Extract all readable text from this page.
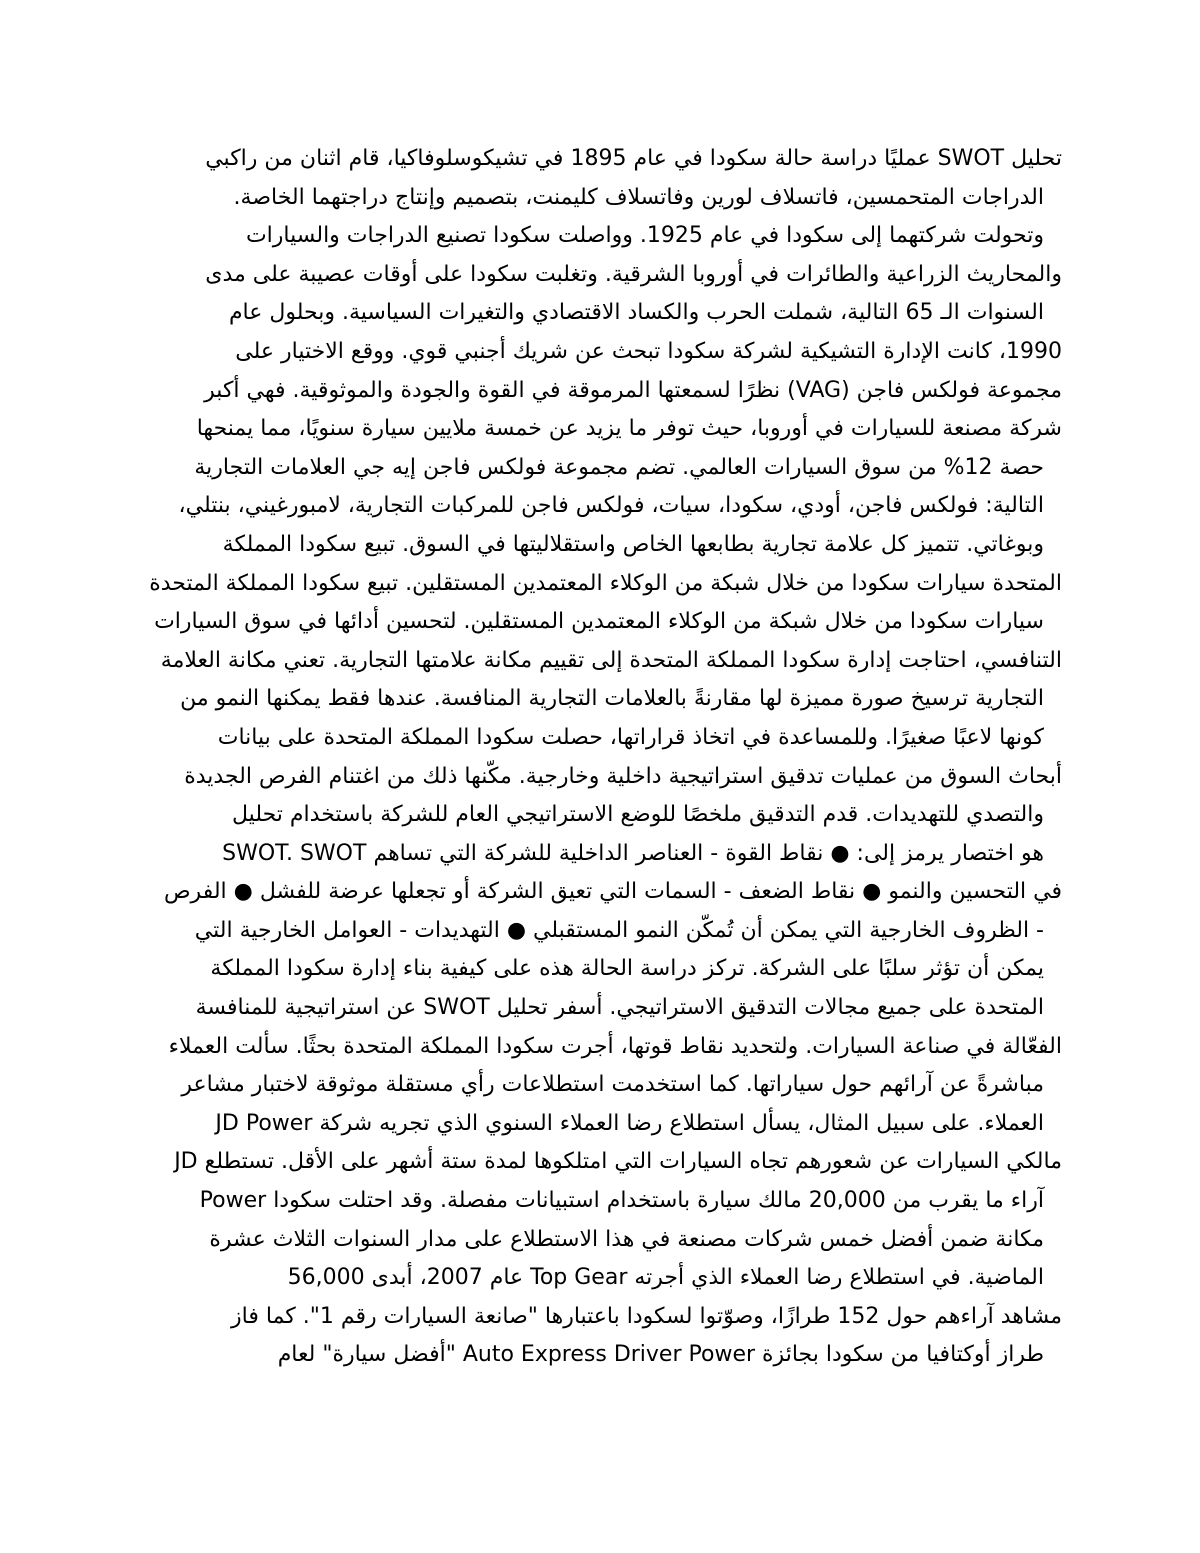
تحليل SWOT عمليًا دراسة حالة سكودا في عام 1895 في تشيكوسلوفاكيا، قام اثنان من راكبي
الدراجات المتحمسين، فاتسلاف لورين وفاتسلاف كليمنت، بتصميم وإنتاج دراجتهما الخاصة.
وتحولت شركتهما إلى سكودا في عام 1925. وواصلت سكودا تصنيع الدراجات والسيارات
والمحاريث الزراعية والطائرات في أوروبا الشرقية. وتغلبت سكودا على أوقات عصيبة على مدى
السنوات الـ 65 التالية، شملت الحرب والكساد الاقتصادي والتغيرات السياسية. وبحلول عام
1990، كانت الإدارة التشيكية لشركة سكودا تبحث عن شريك أجنبي قوي. ووقع الاختيار على
مجموعة فولكس فاجن (VAG) نظرًا لسمعتها المرموقة في القوة والجودة والموثوقية. فهي أكبر
شركة مصنعة للسيارات في أوروبا، حيث توفر ما يزيد عن خمسة ملايين سيارة سنويًا، مما يمنحها
حصة 12% من سوق السيارات العالمي. تضم مجموعة فولكس فاجن إيه جي العلامات التجارية
التالية: فولكس فاجن، أودي، سكودا، سيات، فولكس فاجن للمركبات التجارية، لامبورغيني، بنتلي،
وبوغاتي. تتميز كل علامة تجارية بطابعها الخاص واستقلاليتها في السوق. تبيع سكودا المملكة
المتحدة سيارات سكودا من خلال شبكة من الوكلاء المعتمدين المستقلين. تبيع سكودا المملكة المتحدة
سيارات سكودا من خلال شبكة من الوكلاء المعتمدين المستقلين. لتحسين أدائها في سوق السيارات
التنافسي، احتاجت إدارة سكودا المملكة المتحدة إلى تقييم مكانة علامتها التجارية. تعني مكانة العلامة
التجارية ترسيخ صورة مميزة لها مقارنةً بالعلامات التجارية المنافسة. عندها فقط يمكنها النمو من
كونها لاعبًا صغيرًا. وللمساعدة في اتخاذ قراراتها، حصلت سكودا المملكة المتحدة على بيانات
أبحاث السوق من عمليات تدقيق استراتيجية داخلية وخارجية. مكّنها ذلك من اغتنام الفرص الجديدة
والتصدي للتهديدات. قدم التدقيق ملخصًا للوضع الاستراتيجي العام للشركة باستخدام تحليل
SWOT. SWOT هو اختصار يرمز إلى: ● نقاط القوة - العناصر الداخلية للشركة التي تساهم
في التحسين والنمو ● نقاط الضعف - السمات التي تعيق الشركة أو تجعلها عرضة للفشل ● الفرص
- الظروف الخارجية التي يمكن أن تُمكّن النمو المستقبلي ● التهديدات - العوامل الخارجية التي
يمكن أن تؤثر سلبًا على الشركة. تركز دراسة الحالة هذه على كيفية بناء إدارة سكودا المملكة
المتحدة على جميع مجالات التدقيق الاستراتيجي. أسفر تحليل SWOT عن استراتيجية للمنافسة
الفعّالة في صناعة السيارات. ولتحديد نقاط قوتها، أجرت سكودا المملكة المتحدة بحثًا. سألت العملاء
مباشرةً عن آرائهم حول سياراتها. كما استخدمت استطلاعات رأي مستقلة موثوقة لاختبار مشاعر
العملاء. على سبيل المثال، يسأل استطلاع رضا العملاء السنوي الذي تجريه شركة JD Power
JD مالكي السيارات عن شعورهم تجاه السيارات التي امتلكوها لمدة ستة أشهر على الأقل. تستطلع
Power آراء ما يقرب من 20,000 مالك سيارة باستخدام استبيانات مفصلة. وقد احتلت سكودا
مكانة ضمن أفضل خمس شركات مصنعة في هذا الاستطلاع على مدار السنوات الثلاث عشرة
الماضية. في استطلاع رضا العملاء الذي أجرته Top Gear عام 2007، أبدى 56,000
مشاهد آراءهم حول 152 طرازًا، وصوّتوا لسكودا باعتبارها "صانعة السيارات رقم 1". كما فاز
طراز أوكتافيا من سكودا بجائزة Auto Express Driver Power "أفضل سيارة" لعام
